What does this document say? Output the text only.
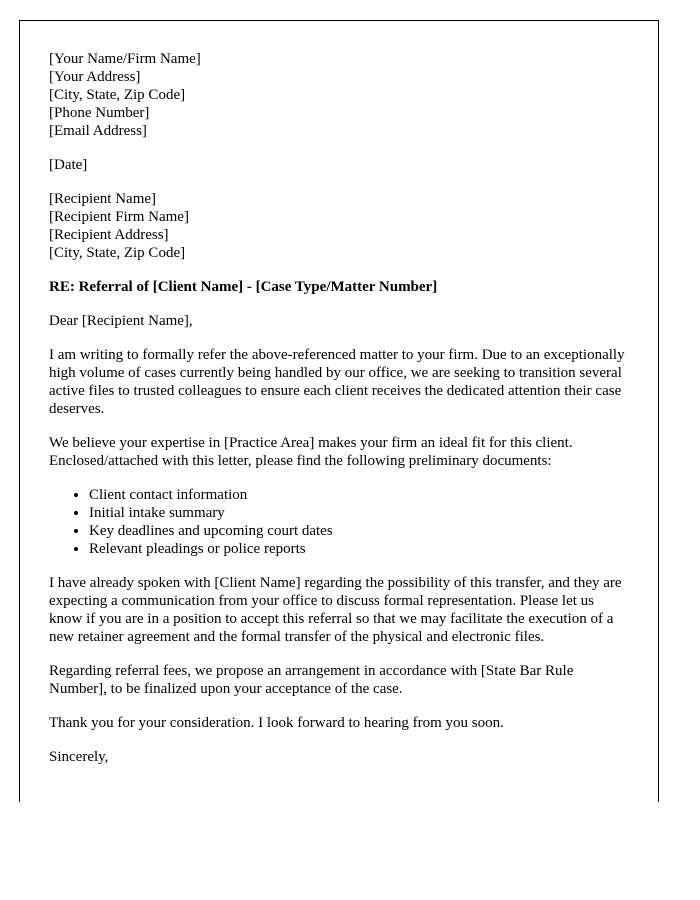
[Your Name/Firm Name]
[Your Address]
[City, State, Zip Code]
[Phone Number]
[Email Address]
[Date]
[Recipient Name]
[Recipient Firm Name]
[Recipient Address]
[City, State, Zip Code]

RE: Referral of [Client Name] - [Case Type/Matter Number]

Dear [Recipient Name],

I am writing to formally refer the above-referenced matter to your firm. Due to an exceptionally high volume of cases currently being handled by our office, we are seeking to transition several active files to trusted colleagues to ensure each client receives the dedicated attention their case deserves.

We believe your expertise in [Practice Area] makes your firm an ideal fit for this client. Enclosed/attached with this letter, please find the following preliminary documents:

• Client contact information
• Initial intake summary
• Key deadlines and upcoming court dates
• Relevant pleadings or police reports

I have already spoken with [Client Name] regarding the possibility of this transfer, and they are expecting a communication from your office to discuss formal representation. Please let us know if you are in a position to accept this referral so that we may facilitate the execution of a new retainer agreement and the formal transfer of the physical and electronic files.

Regarding referral fees, we propose an arrangement in accordance with [State Bar Rule Number], to be finalized upon your acceptance of the case.

Thank you for your consideration. I look forward to hearing from you soon.

Sincerely,
